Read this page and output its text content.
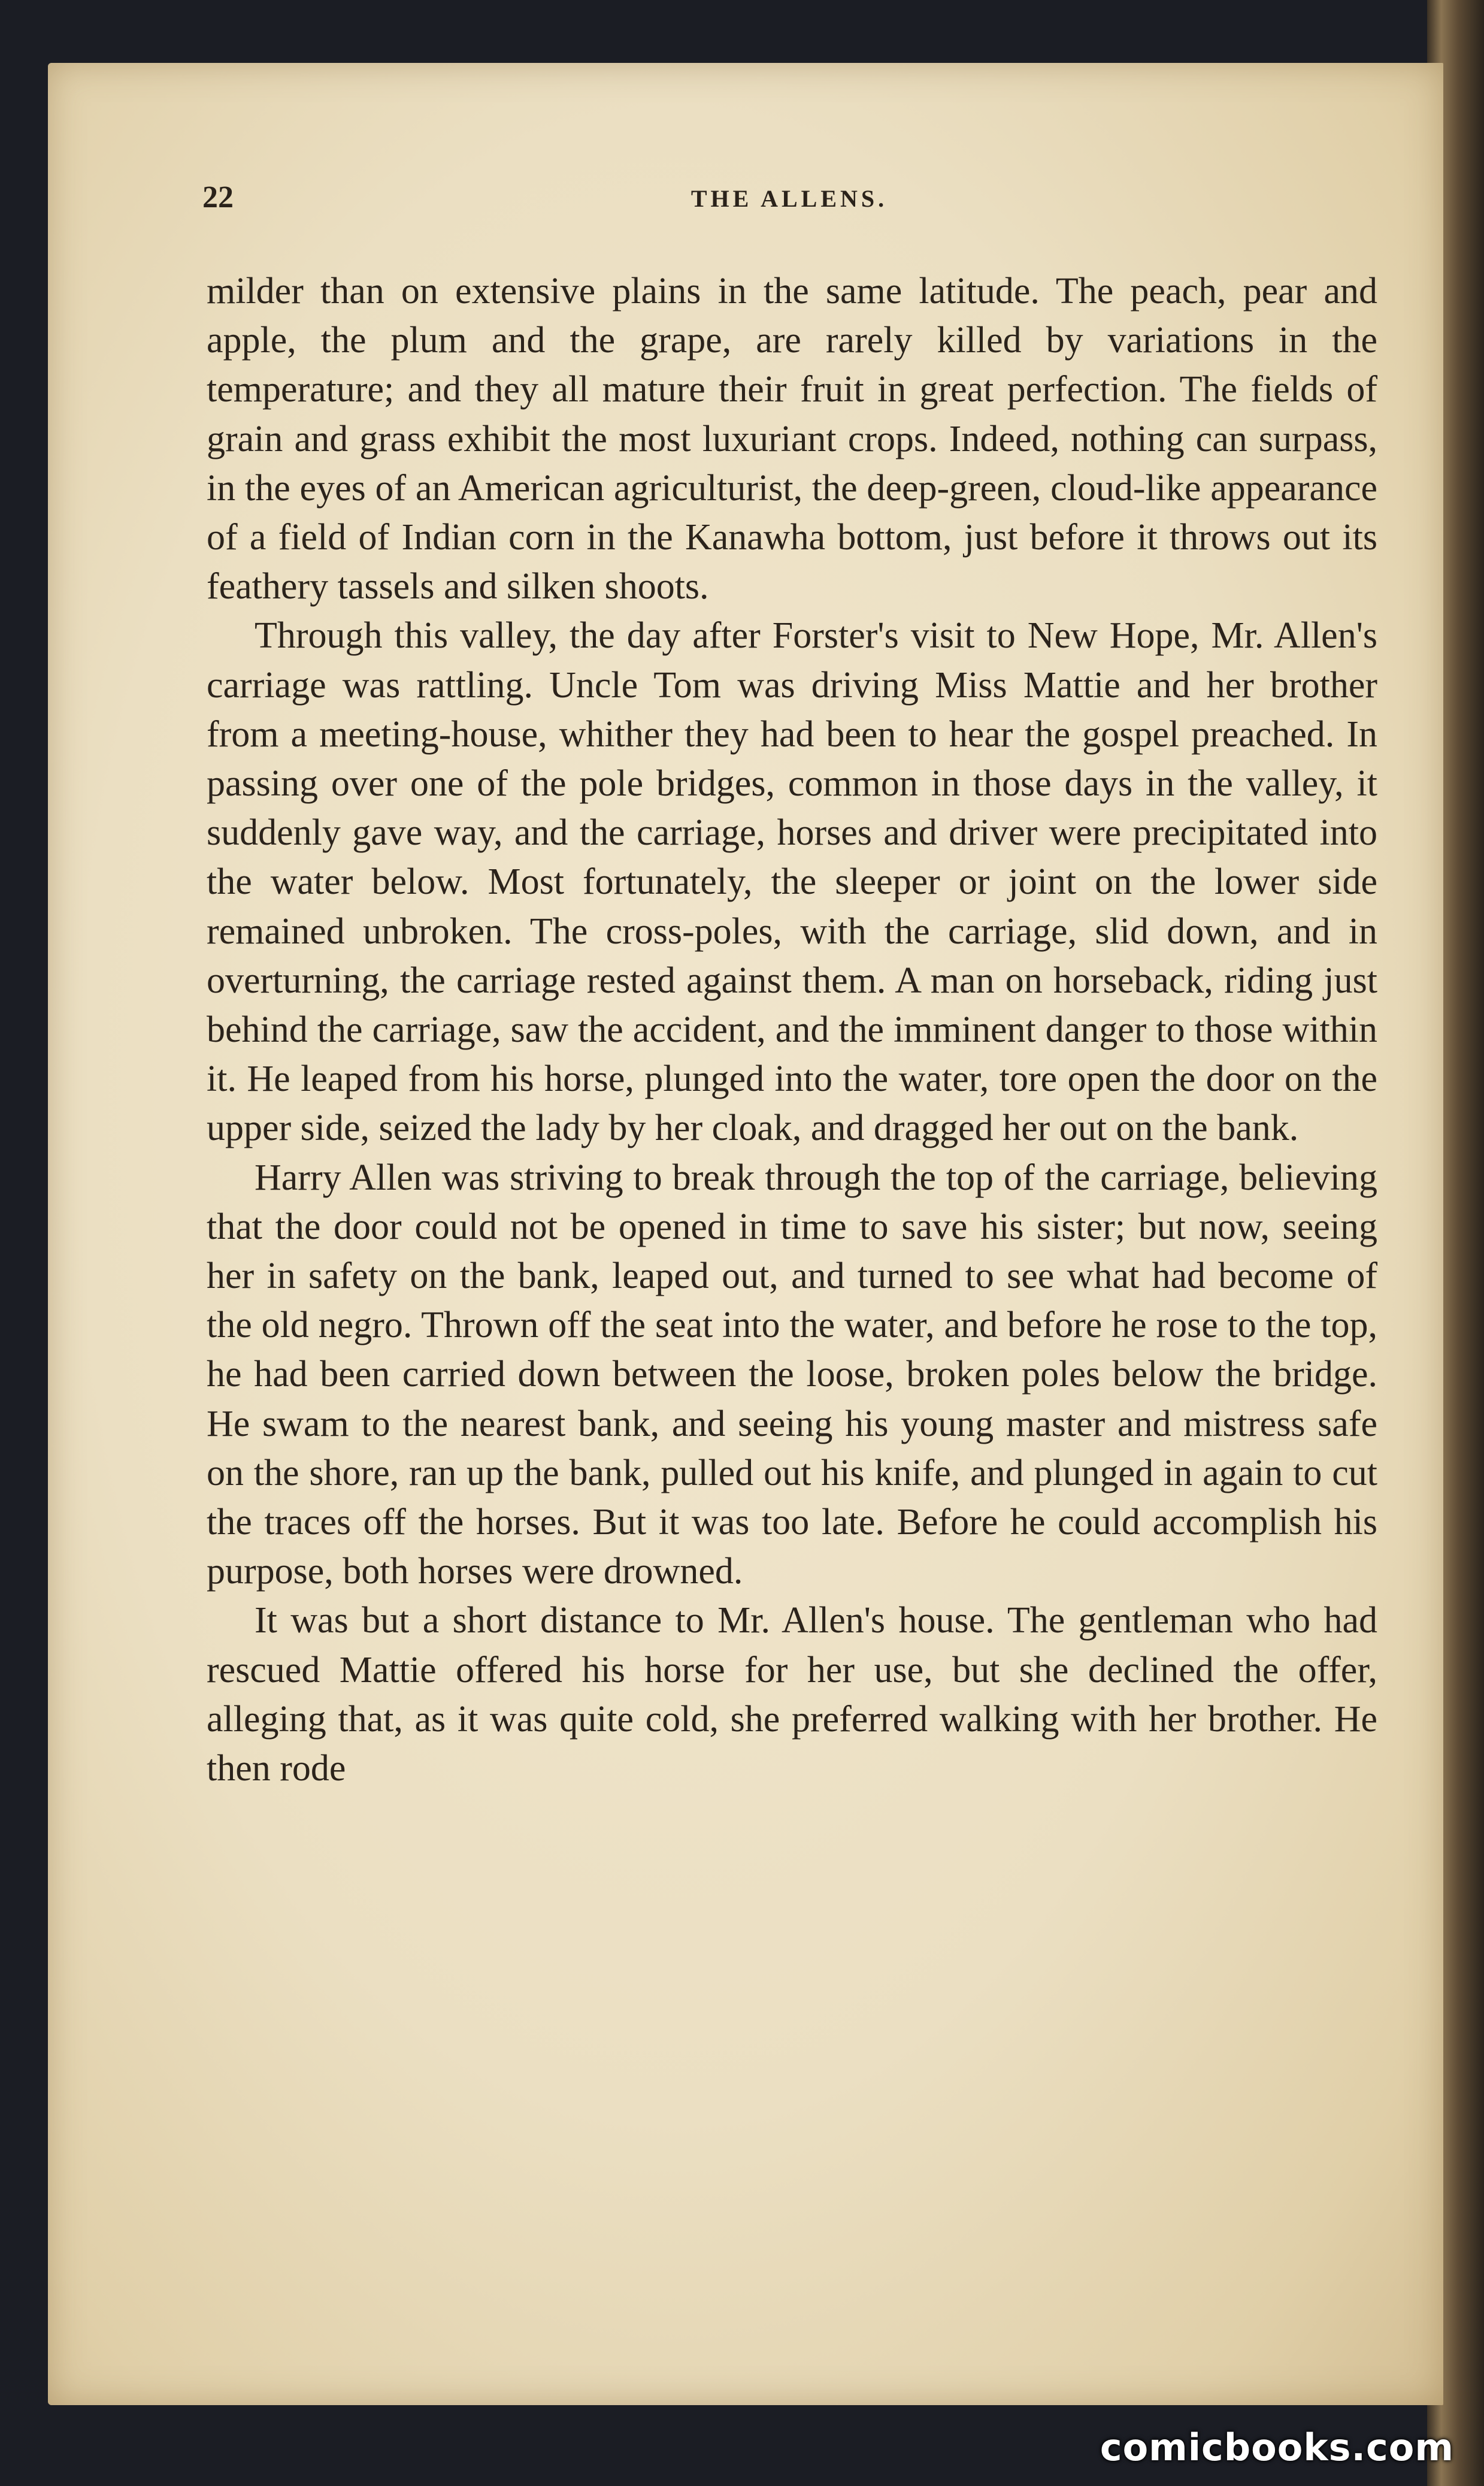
22	THE ALLENS.

milder than on extensive plains in the same latitude. The peach, pear and apple, the plum and the grape, are rarely killed by variations in the temperature; and they all mature their fruit in great perfection. The fields of grain and grass exhibit the most luxuriant crops. Indeed, nothing can surpass, in the eyes of an American agriculturist, the deep-green, cloud-like appearance of a field of Indian corn in the Kanawha bottom, just before it throws out its feathery tassels and silken shoots.

Through this valley, the day after Forster's visit to New Hope, Mr. Allen's carriage was rattling. Uncle Tom was driving Miss Mattie and her brother from a meeting-house, whither they had been to hear the gospel preached. In passing over one of the pole bridges, common in those days in the valley, it suddenly gave way, and the carriage, horses and driver were precipitated into the water below. Most fortunately, the sleeper or joint on the lower side remained unbroken. The cross-poles, with the carriage, slid down, and in overturning, the carriage rested against them. A man on horseback, riding just behind the carriage, saw the accident, and the imminent danger to those within it. He leaped from his horse, plunged into the water, tore open the door on the upper side, seized the lady by her cloak, and dragged her out on the bank.

Harry Allen was striving to break through the top of the carriage, believing that the door could not be opened in time to save his sister; but now, seeing her in safety on the bank, leaped out, and turned to see what had become of the old negro. Thrown off the seat into the water, and before he rose to the top, he had been carried down between the loose, broken poles below the bridge. He swam to the nearest bank, and seeing his young master and mistress safe on the shore, ran up the bank, pulled out his knife, and plunged in again to cut the traces off the horses. But it was too late. Before he could accomplish his purpose, both horses were drowned.

It was but a short distance to Mr. Allen's house. The gentleman who had rescued Mattie offered his horse for her use, but she declined the offer, alleging that, as it was quite cold, she preferred walking with her brother. He then rode

comicbooks.com
